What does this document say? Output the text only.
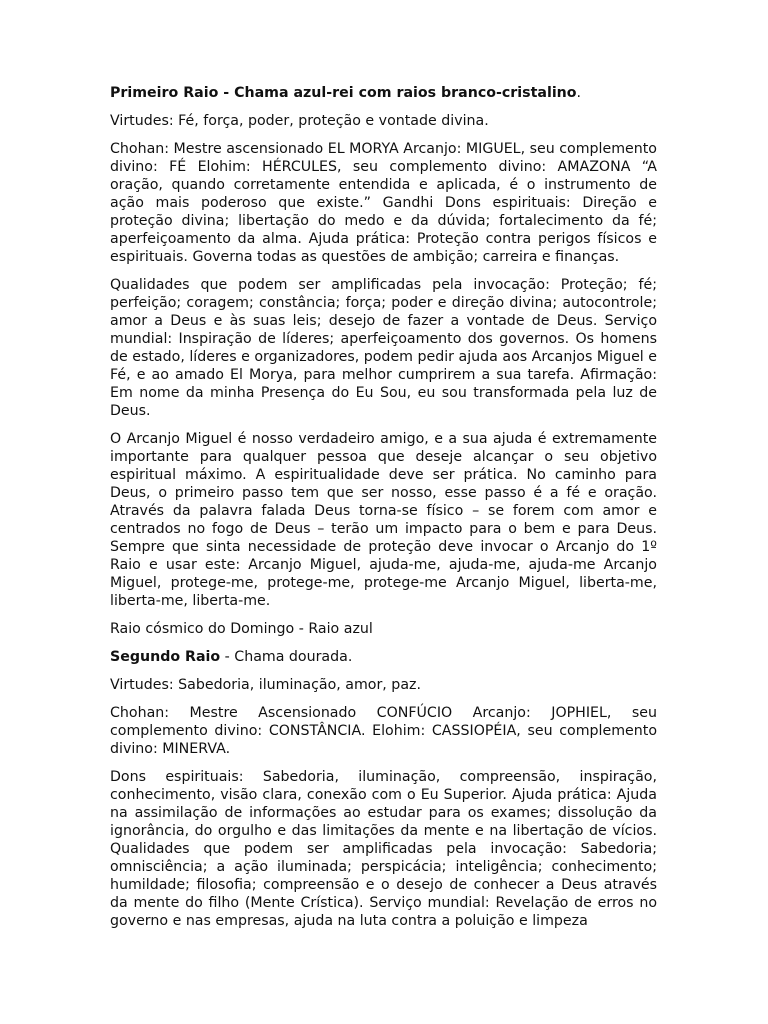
Primeiro Raio - Chama azul-rei com raios branco-cristalino.

Virtudes: Fé, força, poder, proteção e vontade divina.

Chohan: Mestre ascensionado EL MORYA Arcanjo: MIGUEL, seu complemento divino: FÉ Elohim: HÉRCULES, seu complemento divino: AMAZONA “A oração, quando corretamente entendida e aplicada, é o instrumento de ação mais poderoso que existe.” Gandhi Dons espirituais: Direção e proteção divina; libertação do medo e da dúvida; fortalecimento da fé; aperfeiçoamento da alma. Ajuda prática: Proteção contra perigos físicos e espirituais. Governa todas as questões de ambição; carreira e finanças.

Qualidades que podem ser amplificadas pela invocação: Proteção; fé; perfeição; coragem; constância; força; poder e direção divina; autocontrole; amor a Deus e às suas leis; desejo de fazer a vontade de Deus. Serviço mundial: Inspiração de líderes; aperfeiçoamento dos governos. Os homens de estado, líderes e organizadores, podem pedir ajuda aos Arcanjos Miguel e Fé, e ao amado El Morya, para melhor cumprirem a sua tarefa. Afirmação: Em nome da minha Presença do Eu Sou, eu sou transformada pela luz de Deus.

O Arcanjo Miguel é nosso verdadeiro amigo, e a sua ajuda é extremamente importante para qualquer pessoa que deseje alcançar o seu objetivo espiritual máximo. A espiritualidade deve ser prática. No caminho para Deus, o primeiro passo tem que ser nosso, esse passo é a fé e oração. Através da palavra falada Deus torna-se físico – se forem com amor e centrados no fogo de Deus – terão um impacto para o bem e para Deus. Sempre que sinta necessidade de proteção deve invocar o Arcanjo do 1º Raio e usar este: Arcanjo Miguel, ajuda-me, ajuda-me, ajuda-me Arcanjo Miguel, protege-me, protege-me, protege-me Arcanjo Miguel, liberta-me, liberta-me, liberta-me.

Raio cósmico do Domingo - Raio azul

Segundo Raio - Chama dourada.

Virtudes: Sabedoria, iluminação, amor, paz.

Chohan: Mestre Ascensionado CONFÚCIO Arcanjo: JOPHIEL, seu complemento divino: CONSTÂNCIA. Elohim: CASSIOPÉIA, seu complemento divino: MINERVA.

Dons espirituais: Sabedoria, iluminação, compreensão, inspiração, conhecimento, visão clara, conexão com o Eu Superior. Ajuda prática: Ajuda na assimilação de informações ao estudar para os exames; dissolução da ignorância, do orgulho e das limitações da mente e na libertação de vícios. Qualidades que podem ser amplificadas pela invocação: Sabedoria; omnisciência; a ação iluminada; perspicácia; inteligência; conhecimento; humildade; filosofia; compreensão e o desejo de conhecer a Deus através da mente do filho (Mente Crística). Serviço mundial: Revelação de erros no governo e nas empresas, ajuda na luta contra a poluição e limpeza
